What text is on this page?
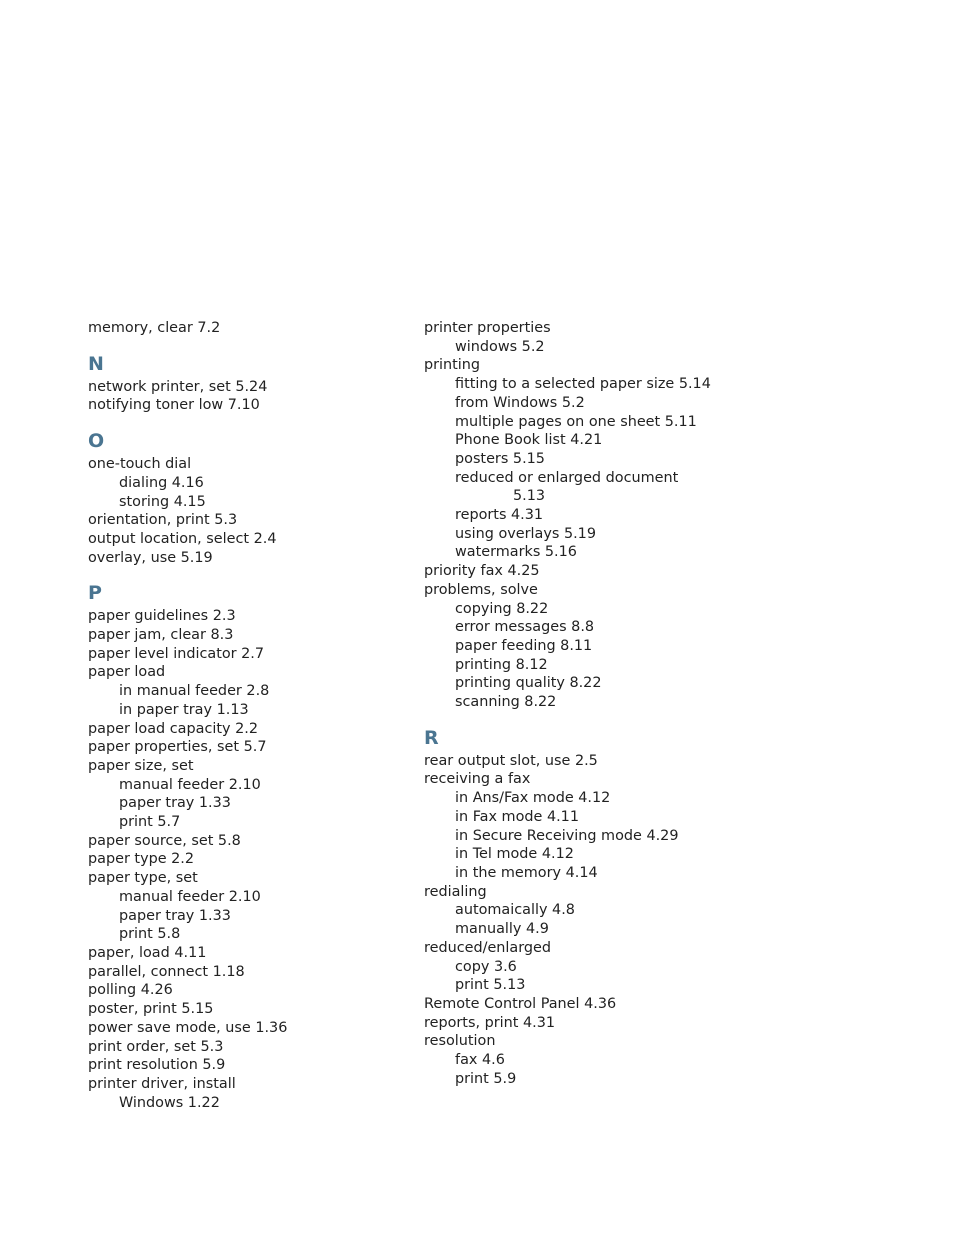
memory, clear 7.2
N
network printer, set 5.24
notifying toner low 7.10
O
one-touch dial
dialing 4.16
storing 4.15
orientation, print 5.3
output location, select 2.4
overlay, use 5.19
P
paper guidelines 2.3
paper jam, clear 8.3
paper level indicator 2.7
paper load
in manual feeder 2.8
in paper tray 1.13
paper load capacity 2.2
paper properties, set 5.7
paper size, set
manual feeder 2.10
paper tray 1.33
print 5.7
paper source, set 5.8
paper type 2.2
paper type, set
manual feeder 2.10
paper tray 1.33
print 5.8
paper, load 4.11
parallel, connect 1.18
polling 4.26
poster, print 5.15
power save mode, use 1.36
print order, set 5.3
print resolution 5.9
printer driver, install
Windows 1.22
printer properties
windows 5.2
printing
fitting to a selected paper size 5.14
from Windows 5.2
multiple pages on one sheet 5.11
Phone Book list 4.21
posters 5.15
reduced or enlarged document
5.13
reports 4.31
using overlays 5.19
watermarks 5.16
priority fax 4.25
problems, solve
copying 8.22
error messages 8.8
paper feeding 8.11
printing 8.12
printing quality 8.22
scanning 8.22
R
rear output slot, use 2.5
receiving a fax
in Ans/Fax mode 4.12
in Fax mode 4.11
in Secure Receiving mode 4.29
in Tel mode 4.12
in the memory 4.14
redialing
automaically 4.8
manually 4.9
reduced/enlarged
copy 3.6
print 5.13
Remote Control Panel 4.36
reports, print 4.31
resolution
fax 4.6
print 5.9
